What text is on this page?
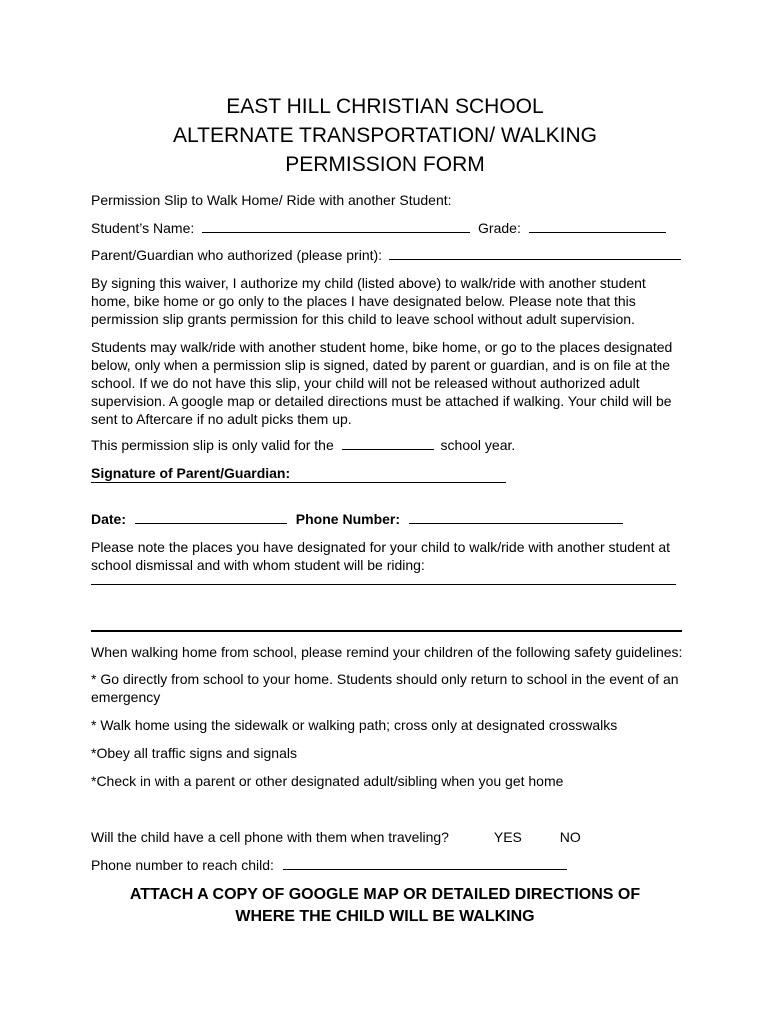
EAST HILL CHRISTIAN SCHOOL

ALTERNATE TRANSPORTATION/ WALKING

PERMISSION FORM

Permission Slip to Walk Home/ Ride with another Student:

Student’s Name:	Grade:

Parent/Guardian who authorized (please print):

By signing this waiver, I authorize my child (listed above) to walk/ride with another student home, bike home or go only to the places I have designated below. Please note that this permission slip grants permission for this child to leave school without adult supervision.

Students may walk/ride with another student home, bike home, or go to the places designated below, only when a permission slip is signed, dated by parent or guardian, and is on file at the school. If we do not have this slip, your child will not be released without authorized adult supervision. A google map or detailed directions must be attached if walking. Your child will be sent to Aftercare if no adult picks them up.

This permission slip is only valid for the	school year.

Signature of Parent/Guardian:

Date:	Phone Number:

Please note the places you have designated for your child to walk/ride with another student at school dismissal and with whom student will be riding:

When walking home from school, please remind your children of the following safety guidelines:

* Go directly from school to your home. Students should only return to school in the event of an emergency

* Walk home using the sidewalk or walking path; cross only at designated crosswalks

*Obey all traffic signs and signals

*Check in with a parent or other designated adult/sibling when you get home

Will the child have a cell phone with them when traveling?	YES	NO

Phone number to reach child:

ATTACH A COPY OF GOOGLE MAP OR DETAILED DIRECTIONS OF

WHERE THE CHILD WILL BE WALKING
